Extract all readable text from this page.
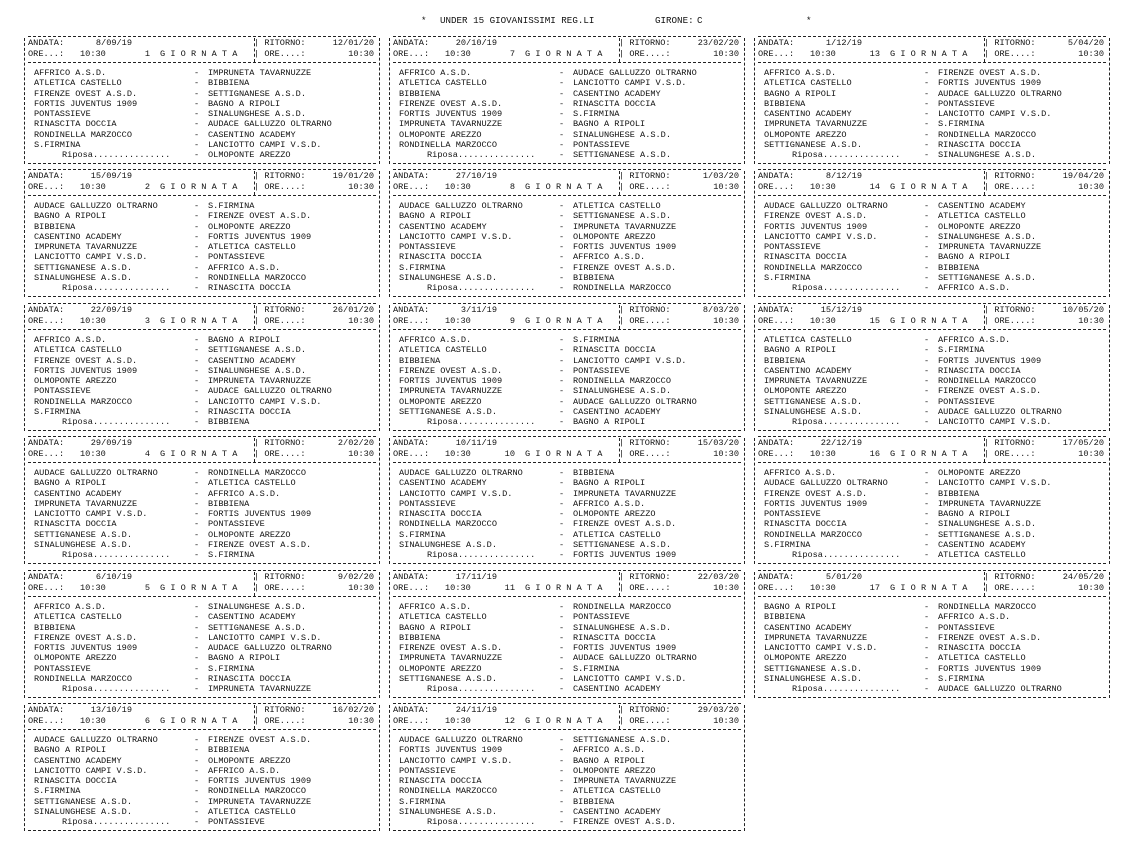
* UNDER 15 GIOVANISSIMI REG.LI	GIRONE: C	*
ANDATA:	8/09/19	| RITORNO:	12/01/20
ORE...: 10:30	1 G I O R N A T A | ORE....:	10:30
AFFRICO A.S.D.	- IMPRUNETA TAVARNUZZE
ATLETICA CASTELLO	- BIBBIENA
FIRENZE OVEST A.S.D.	- SETTIGNANESE A.S.D.
FORTIS JUVENTUS 1909	- BAGNO A RIPOLI
PONTASSIEVE	- SINALUNGHESE A.S.D.
RINASCITA DOCCIA	- AUDACE GALLUZZO OLTRARNO
RONDINELLA MARZOCCO	- CASENTINO ACADEMY
S.FIRMINA	- LANCIOTTO CAMPI V.S.D.
Riposa...............	- OLMOPONTE AREZZO
ANDATA:	15/09/19	| RITORNO:	19/01/20
ORE...: 10:30	2 G I O R N A T A | ORE....:	10:30
AUDACE GALLUZZO OLTRARNO	- S.FIRMINA
BAGNO A RIPOLI	- FIRENZE OVEST A.S.D.
BIBBIENA	- OLMOPONTE AREZZO
CASENTINO ACADEMY	- FORTIS JUVENTUS 1909
IMPRUNETA TAVARNUZZE	- ATLETICA CASTELLO
LANCIOTTO CAMPI V.S.D.	- PONTASSIEVE
SETTIGNANESE A.S.D.	- AFFRICO A.S.D.
SINALUNGHESE A.S.D.	- RONDINELLA MARZOCCO
Riposa...............	- RINASCITA DOCCIA
ANDATA:	22/09/19	| RITORNO:	26/01/20
ORE...: 10:30	3 G I O R N A T A | ORE....:	10:30
AFFRICO A.S.D.	- BAGNO A RIPOLI
ATLETICA CASTELLO	- SETTIGNANESE A.S.D.
FIRENZE OVEST A.S.D.	- CASENTINO ACADEMY
FORTIS JUVENTUS 1909	- SINALUNGHESE A.S.D.
OLMOPONTE AREZZO	- IMPRUNETA TAVARNUZZE
PONTASSIEVE	- AUDACE GALLUZZO OLTRARNO
RONDINELLA MARZOCCO	- LANCIOTTO CAMPI V.S.D.
S.FIRMINA	- RINASCITA DOCCIA
Riposa...............	- BIBBIENA
ANDATA:	29/09/19	| RITORNO:	2/02/20
ORE...: 10:30	4 G I O R N A T A | ORE....:	10:30
AUDACE GALLUZZO OLTRARNO	- RONDINELLA MARZOCCO
BAGNO A RIPOLI	- ATLETICA CASTELLO
CASENTINO ACADEMY	- AFFRICO A.S.D.
IMPRUNETA TAVARNUZZE	- BIBBIENA
LANCIOTTO CAMPI V.S.D.	- FORTIS JUVENTUS 1909
RINASCITA DOCCIA	- PONTASSIEVE
SETTIGNANESE A.S.D.	- OLMOPONTE AREZZO
SINALUNGHESE A.S.D.	- FIRENZE OVEST A.S.D.
Riposa...............	- S.FIRMINA
ANDATA:	6/10/19	| RITORNO:	9/02/20
ORE...: 10:30	5 G I O R N A T A | ORE....:	10:30
AFFRICO A.S.D.	- SINALUNGHESE A.S.D.
ATLETICA CASTELLO	- CASENTINO ACADEMY
BIBBIENA	- SETTIGNANESE A.S.D.
FIRENZE OVEST A.S.D.	- LANCIOTTO CAMPI V.S.D.
FORTIS JUVENTUS 1909	- AUDACE GALLUZZO OLTRARNO
OLMOPONTE AREZZO	- BAGNO A RIPOLI
PONTASSIEVE	- S.FIRMINA
RONDINELLA MARZOCCO	- RINASCITA DOCCIA
Riposa...............	- IMPRUNETA TAVARNUZZE
ANDATA:	13/10/19	| RITORNO:	16/02/20
ORE...: 10:30	6 G I O R N A T A | ORE....:	10:30
AUDACE GALLUZZO OLTRARNO	- FIRENZE OVEST A.S.D.
BAGNO A RIPOLI	- BIBBIENA
CASENTINO ACADEMY	- OLMOPONTE AREZZO
LANCIOTTO CAMPI V.S.D.	- AFFRICO A.S.D.
RINASCITA DOCCIA	- FORTIS JUVENTUS 1909
S.FIRMINA	- RONDINELLA MARZOCCO
SETTIGNANESE A.S.D.	- IMPRUNETA TAVARNUZZE
SINALUNGHESE A.S.D.	- ATLETICA CASTELLO
Riposa...............	- PONTASSIEVE
ANDATA:	20/10/19	| RITORNO:	23/02/20
ORE...: 10:30	7 G I O R N A T A | ORE....:	10:30
AFFRICO A.S.D.	- AUDACE GALLUZZO OLTRARNO
ATLETICA CASTELLO	- LANCIOTTO CAMPI V.S.D.
BIBBIENA	- CASENTINO ACADEMY
FIRENZE OVEST A.S.D.	- RINASCITA DOCCIA
FORTIS JUVENTUS 1909	- S.FIRMINA
IMPRUNETA TAVARNUZZE	- BAGNO A RIPOLI
OLMOPONTE AREZZO	- SINALUNGHESE A.S.D.
RONDINELLA MARZOCCO	- PONTASSIEVE
Riposa...............	- SETTIGNANESE A.S.D.
ANDATA:	27/10/19	| RITORNO:	1/03/20
ORE...: 10:30	8 G I O R N A T A | ORE....:	10:30
AUDACE GALLUZZO OLTRARNO	- ATLETICA CASTELLO
BAGNO A RIPOLI	- SETTIGNANESE A.S.D.
CASENTINO ACADEMY	- IMPRUNETA TAVARNUZZE
LANCIOTTO CAMPI V.S.D.	- OLMOPONTE AREZZO
PONTASSIEVE	- FORTIS JUVENTUS 1909
RINASCITA DOCCIA	- AFFRICO A.S.D.
S.FIRMINA	- FIRENZE OVEST A.S.D.
SINALUNGHESE A.S.D.	- BIBBIENA
Riposa...............	- RONDINELLA MARZOCCO
ANDATA:	3/11/19	| RITORNO:	8/03/20
ORE...: 10:30	9 G I O R N A T A | ORE....:	10:30
AFFRICO A.S.D.	- S.FIRMINA
ATLETICA CASTELLO	- RINASCITA DOCCIA
BIBBIENA	- LANCIOTTO CAMPI V.S.D.
FIRENZE OVEST A.S.D.	- PONTASSIEVE
FORTIS JUVENTUS 1909	- RONDINELLA MARZOCCO
IMPRUNETA TAVARNUZZE	- SINALUNGHESE A.S.D.
OLMOPONTE AREZZO	- AUDACE GALLUZZO OLTRARNO
SETTIGNANESE A.S.D.	- CASENTINO ACADEMY
Riposa...............	- BAGNO A RIPOLI
ANDATA:	10/11/19	| RITORNO:	15/03/20
ORE...: 10:30	10 G I O R N A T A | ORE....:	10:30
AUDACE GALLUZZO OLTRARNO	- BIBBIENA
CASENTINO ACADEMY	- BAGNO A RIPOLI
LANCIOTTO CAMPI V.S.D.	- IMPRUNETA TAVARNUZZE
PONTASSIEVE	- AFFRICO A.S.D.
RINASCITA DOCCIA	- OLMOPONTE AREZZO
RONDINELLA MARZOCCO	- FIRENZE OVEST A.S.D.
S.FIRMINA	- ATLETICA CASTELLO
SINALUNGHESE A.S.D.	- SETTIGNANESE A.S.D.
Riposa...............	- FORTIS JUVENTUS 1909
ANDATA:	17/11/19	| RITORNO:	22/03/20
ORE...: 10:30	11 G I O R N A T A | ORE....:	10:30
AFFRICO A.S.D.	- RONDINELLA MARZOCCO
ATLETICA CASTELLO	- PONTASSIEVE
BAGNO A RIPOLI	- SINALUNGHESE A.S.D.
BIBBIENA	- RINASCITA DOCCIA
FIRENZE OVEST A.S.D.	- FORTIS JUVENTUS 1909
IMPRUNETA TAVARNUZZE	- AUDACE GALLUZZO OLTRARNO
OLMOPONTE AREZZO	- S.FIRMINA
SETTIGNANESE A.S.D.	- LANCIOTTO CAMPI V.S.D.
Riposa...............	- CASENTINO ACADEMY
ANDATA:	24/11/19	| RITORNO:	29/03/20
ORE...: 10:30	12 G I O R N A T A | ORE....:	10:30
AUDACE GALLUZZO OLTRARNO	- SETTIGNANESE A.S.D.
FORTIS JUVENTUS 1909	- AFFRICO A.S.D.
LANCIOTTO CAMPI V.S.D.	- BAGNO A RIPOLI
PONTASSIEVE	- OLMOPONTE AREZZO
RINASCITA DOCCIA	- IMPRUNETA TAVARNUZZE
RONDINELLA MARZOCCO	- ATLETICA CASTELLO
S.FIRMINA	- BIBBIENA
SINALUNGHESE A.S.D.	- CASENTINO ACADEMY
Riposa...............	- FIRENZE OVEST A.S.D.
ANDATA:	1/12/19	| RITORNO:	5/04/20
ORE...: 10:30	13 G I O R N A T A | ORE....:	10:30
AFFRICO A.S.D.	- FIRENZE OVEST A.S.D.
ATLETICA CASTELLO	- FORTIS JUVENTUS 1909
BAGNO A RIPOLI	- AUDACE GALLUZZO OLTRARNO
BIBBIENA	- PONTASSIEVE
CASENTINO ACADEMY	- LANCIOTTO CAMPI V.S.D.
IMPRUNETA TAVARNUZZE	- S.FIRMINA
OLMOPONTE AREZZO	- RONDINELLA MARZOCCO
SETTIGNANESE A.S.D.	- RINASCITA DOCCIA
Riposa...............	- SINALUNGHESE A.S.D.
ANDATA:	8/12/19	| RITORNO:	19/04/20
ORE...: 10:30	14 G I O R N A T A | ORE....:	10:30
AUDACE GALLUZZO OLTRARNO	- CASENTINO ACADEMY
FIRENZE OVEST A.S.D.	- ATLETICA CASTELLO
FORTIS JUVENTUS 1909	- OLMOPONTE AREZZO
LANCIOTTO CAMPI V.S.D.	- SINALUNGHESE A.S.D.
PONTASSIEVE	- IMPRUNETA TAVARNUZZE
RINASCITA DOCCIA	- BAGNO A RIPOLI
RONDINELLA MARZOCCO	- BIBBIENA
S.FIRMINA	- SETTIGNANESE A.S.D.
Riposa...............	- AFFRICO A.S.D.
ANDATA:	15/12/19	| RITORNO:	10/05/20
ORE...: 10:30	15 G I O R N A T A | ORE....:	10:30
ATLETICA CASTELLO	- AFFRICO A.S.D.
BAGNO A RIPOLI	- S.FIRMINA
BIBBIENA	- FORTIS JUVENTUS 1909
CASENTINO ACADEMY	- RINASCITA DOCCIA
IMPRUNETA TAVARNUZZE	- RONDINELLA MARZOCCO
OLMOPONTE AREZZO	- FIRENZE OVEST A.S.D.
SETTIGNANESE A.S.D.	- PONTASSIEVE
SINALUNGHESE A.S.D.	- AUDACE GALLUZZO OLTRARNO
Riposa...............	- LANCIOTTO CAMPI V.S.D.
ANDATA:	22/12/19	| RITORNO:	17/05/20
ORE...: 10:30	16 G I O R N A T A | ORE....:	10:30
AFFRICO A.S.D.	- OLMOPONTE AREZZO
AUDACE GALLUZZO OLTRARNO	- LANCIOTTO CAMPI V.S.D.
FIRENZE OVEST A.S.D.	- BIBBIENA
FORTIS JUVENTUS 1909	- IMPRUNETA TAVARNUZZE
PONTASSIEVE	- BAGNO A RIPOLI
RINASCITA DOCCIA	- SINALUNGHESE A.S.D.
RONDINELLA MARZOCCO	- SETTIGNANESE A.S.D.
S.FIRMINA	- CASENTINO ACADEMY
Riposa...............	- ATLETICA CASTELLO
ANDATA:	5/01/20	| RITORNO:	24/05/20
ORE...: 10:30	17 G I O R N A T A | ORE....:	10:30
BAGNO A RIPOLI	- RONDINELLA MARZOCCO
BIBBIENA	- AFFRICO A.S.D.
CASENTINO ACADEMY	- PONTASSIEVE
IMPRUNETA TAVARNUZZE	- FIRENZE OVEST A.S.D.
LANCIOTTO CAMPI V.S.D.	- RINASCITA DOCCIA
OLMOPONTE AREZZO	- ATLETICA CASTELLO
SETTIGNANESE A.S.D.	- FORTIS JUVENTUS 1909
SINALUNGHESE A.S.D.	- S.FIRMINA
Riposa...............	- AUDACE GALLUZZO OLTRARNO
